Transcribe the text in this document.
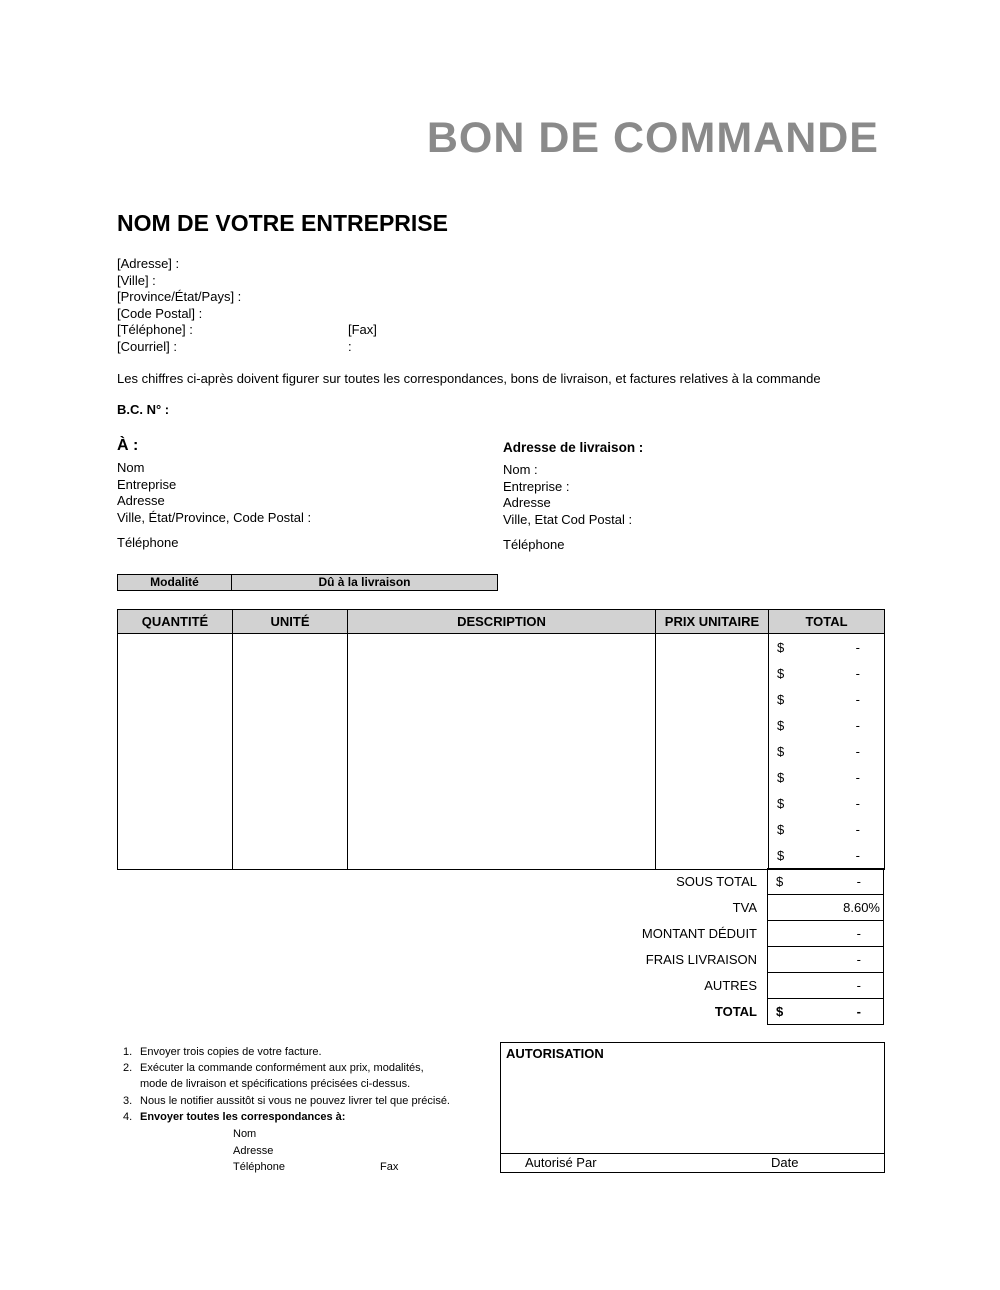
BON DE COMMANDE
NOM DE VOTRE ENTREPRISE
[Adresse] :
[Ville] :
[Province/État/Pays] :
[Code Postal] :
[Téléphone] :	[Fax] :
[Courriel] :
Les chiffres ci-après doivent figurer sur toutes les correspondances, bons de livraison, et factures relatives à la commande
B.C. N° :
À :
Nom
Entreprise
Adresse
Ville, État/Province, Code Postal :
Téléphone
Adresse de livraison :
Nom :
Entreprise :
Adresse
Ville, Etat Cod Postal :
Téléphone
Modalité	Dû à la livraison
QUANTITÉ	UNITÉ	DESCRIPTION	PRIX UNITAIRE	TOTAL

$	-
$	-
$	-
$	-
$	-
$	-
$	-
$	-
$	-
SOUS TOTAL	$	-
TVA	8.60%
MONTANT DÉDUIT	-
FRAIS LIVRAISON	-
AUTRES	-
TOTAL	$	-
1. Envoyer trois copies de votre facture.
2. Exécuter la commande conformément aux prix, modalités,
mode de livraison et spécifications précisées ci-dessus.
3. Nous le notifier aussitôt si vous ne pouvez livrer tel que précisé.
4. Envoyer toutes les correspondances à:
Nom
Adresse
Téléphone	Fax
AUTORISATION
Autorisé Par	Date
